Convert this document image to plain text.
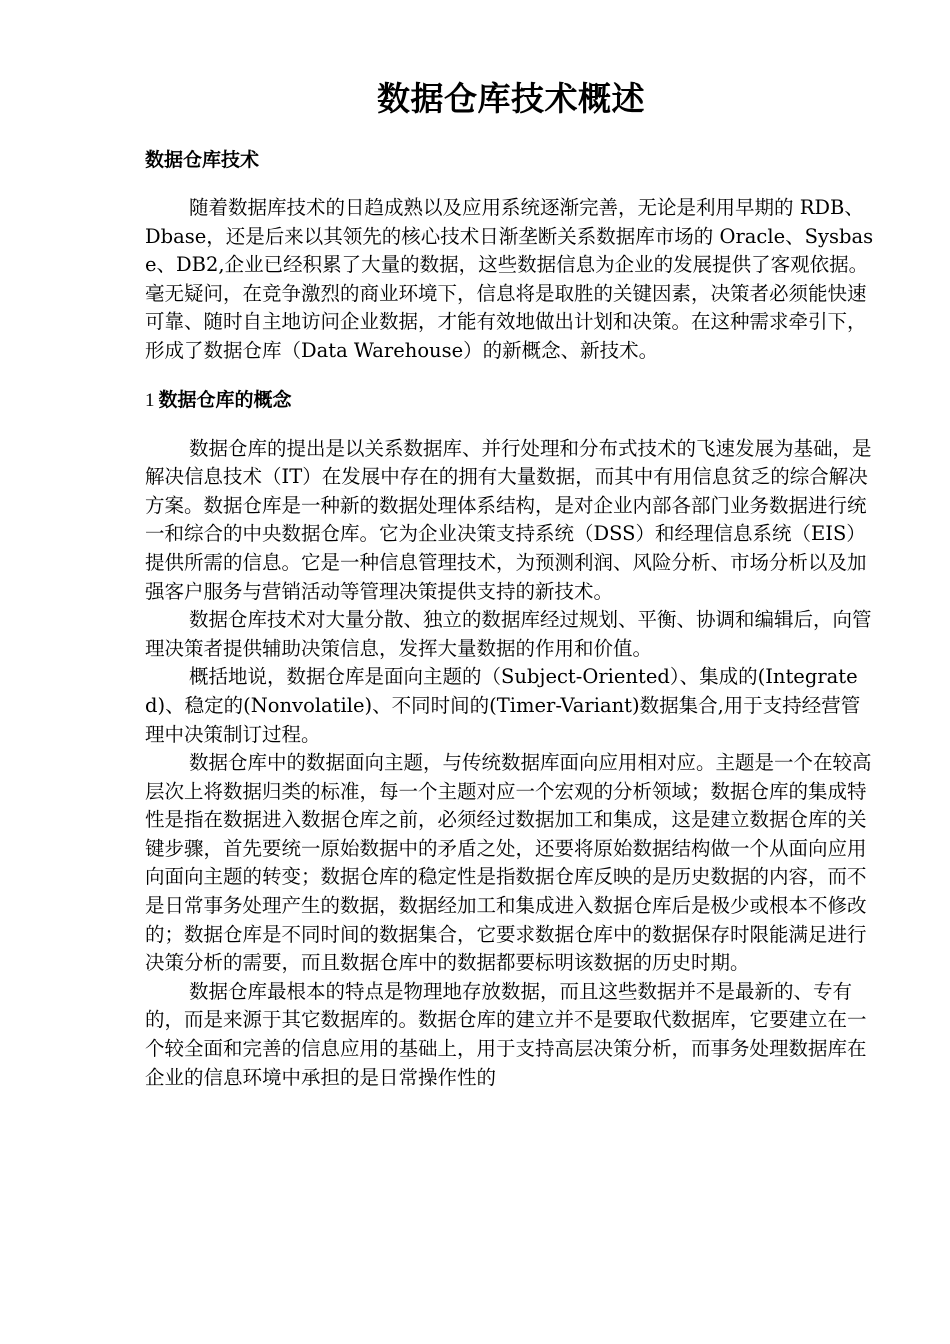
数据仓库技术概述
数据仓库技术

随着数据库技术的日趋成熟以及应用系统逐渐完善，无论是利用早期的 RDB、Dbase，还是后来以其领先的核心技术日渐垄断关系数据库市场的 Oracle、Sysbase、DB2,企业已经积累了大量的数据，这些数据信息为企业的发展提供了客观依据。毫无疑问，在竞争激烈的商业环境下，信息将是取胜的关键因素，决策者必须能快速可靠、随时自主地访问企业数据，才能有效地做出计划和决策。在这种需求牵引下，形成了数据仓库（Data Warehouse）的新概念、新技术。

1 数据仓库的概念

数据仓库的提出是以关系数据库、并行处理和分布式技术的飞速发展为基础，是解决信息技术（IT）在发展中存在的拥有大量数据，而其中有用信息贫乏的综合解决方案。数据仓库是一种新的数据处理体系结构，是对企业内部各部门业务数据进行统一和综合的中央数据仓库。它为企业决策支持系统（DSS）和经理信息系统（EIS）提供所需的信息。它是一种信息管理技术，为预测利润、风险分析、市场分析以及加强客户服务与营销活动等管理决策提供支持的新技术。

数据仓库技术对大量分散、独立的数据库经过规划、平衡、协调和编辑后，向管理决策者提供辅助决策信息，发挥大量数据的作用和价值。

概括地说，数据仓库是面向主题的（Subject-Oriented）、集成的(Integrated)、稳定的(Nonvolatile)、不同时间的(Timer-Variant)数据集合,用于支持经营管理中决策制订过程。

数据仓库中的数据面向主题，与传统数据库面向应用相对应。主题是一个在较高层次上将数据归类的标准，每一个主题对应一个宏观的分析领域；数据仓库的集成特性是指在数据进入数据仓库之前，必须经过数据加工和集成，这是建立数据仓库的关键步骤，首先要统一原始数据中的矛盾之处，还要将原始数据结构做一个从面向应用向面向主题的转变；数据仓库的稳定性是指数据仓库反映的是历史数据的内容，而不是日常事务处理产生的数据，数据经加工和集成进入数据仓库后是极少或根本不修改的；数据仓库是不同时间的数据集合，它要求数据仓库中的数据保存时限能满足进行决策分析的需要，而且数据仓库中的数据都要标明该数据的历史时期。

数据仓库最根本的特点是物理地存放数据，而且这些数据并不是最新的、专有的，而是来源于其它数据库的。数据仓库的建立并不是要取代数据库，它要建立在一个较全面和完善的信息应用的基础上，用于支持高层决策分析，而事务处理数据库在企业的信息环境中承担的是日常操作性的
